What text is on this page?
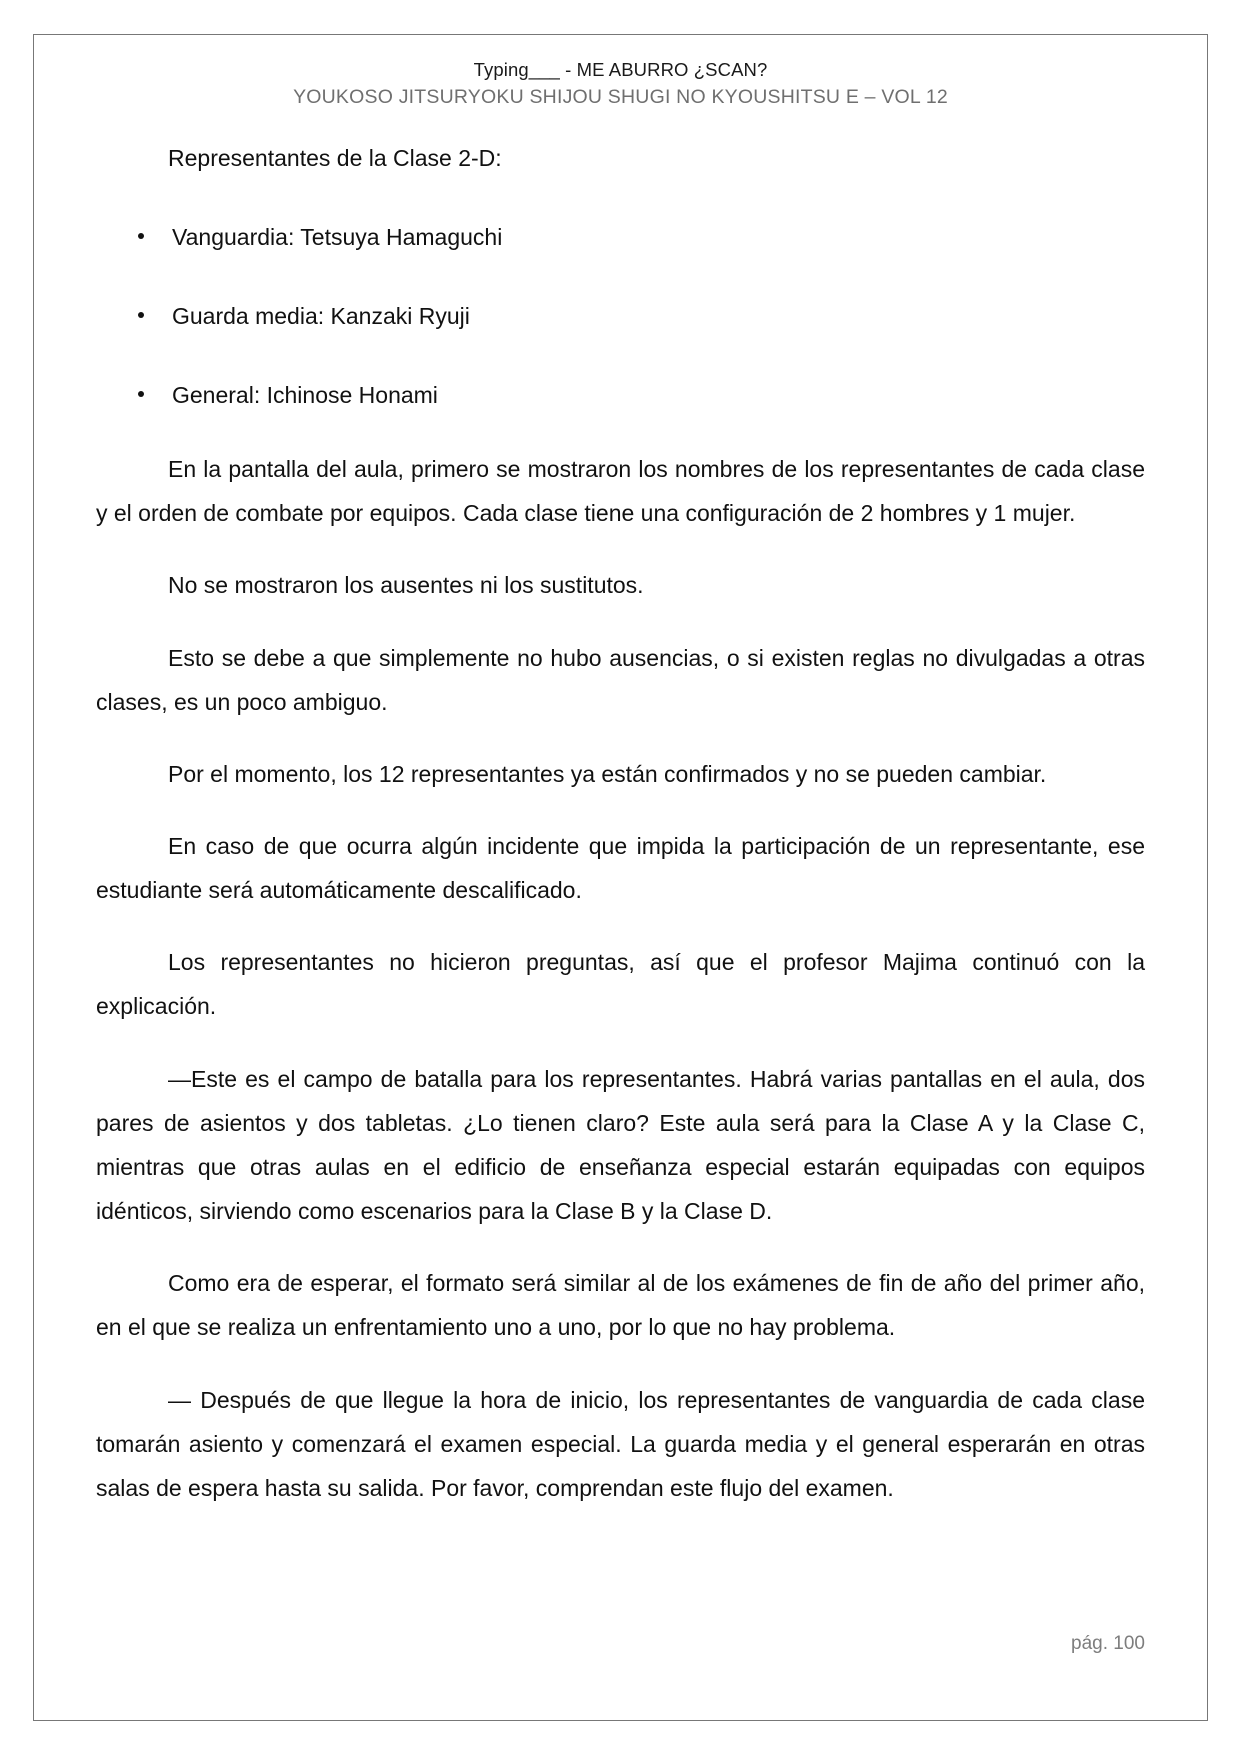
Typing___ - ME ABURRO ¿SCAN?
YOUKOSO JITSURYOKU SHIJOU SHUGI NO KYOUSHITSU E – VOL 12

Representantes de la Clase 2-D:

Vanguardia: Tetsuya Hamaguchi
Guarda media: Kanzaki Ryuji
General: Ichinose Honami

En la pantalla del aula, primero se mostraron los nombres de los representantes de cada clase y el orden de combate por equipos. Cada clase tiene una configuración de 2 hombres y 1 mujer.

No se mostraron los ausentes ni los sustitutos.

Esto se debe a que simplemente no hubo ausencias, o si existen reglas no divulgadas a otras clases, es un poco ambiguo.

Por el momento, los 12 representantes ya están confirmados y no se pueden cambiar.

En caso de que ocurra algún incidente que impida la participación de un representante, ese estudiante será automáticamente descalificado.

Los representantes no hicieron preguntas, así que el profesor Majima continuó con la explicación.

—Este es el campo de batalla para los representantes. Habrá varias pantallas en el aula, dos pares de asientos y dos tabletas. ¿Lo tienen claro? Este aula será para la Clase A y la Clase C, mientras que otras aulas en el edificio de enseñanza especial estarán equipadas con equipos idénticos, sirviendo como escenarios para la Clase B y la Clase D.

Como era de esperar, el formato será similar al de los exámenes de fin de año del primer año, en el que se realiza un enfrentamiento uno a uno, por lo que no hay problema.

— Después de que llegue la hora de inicio, los representantes de vanguardia de cada clase tomarán asiento y comenzará el examen especial. La guarda media y el general esperarán en otras salas de espera hasta su salida. Por favor, comprendan este flujo del examen.

pág. 100
